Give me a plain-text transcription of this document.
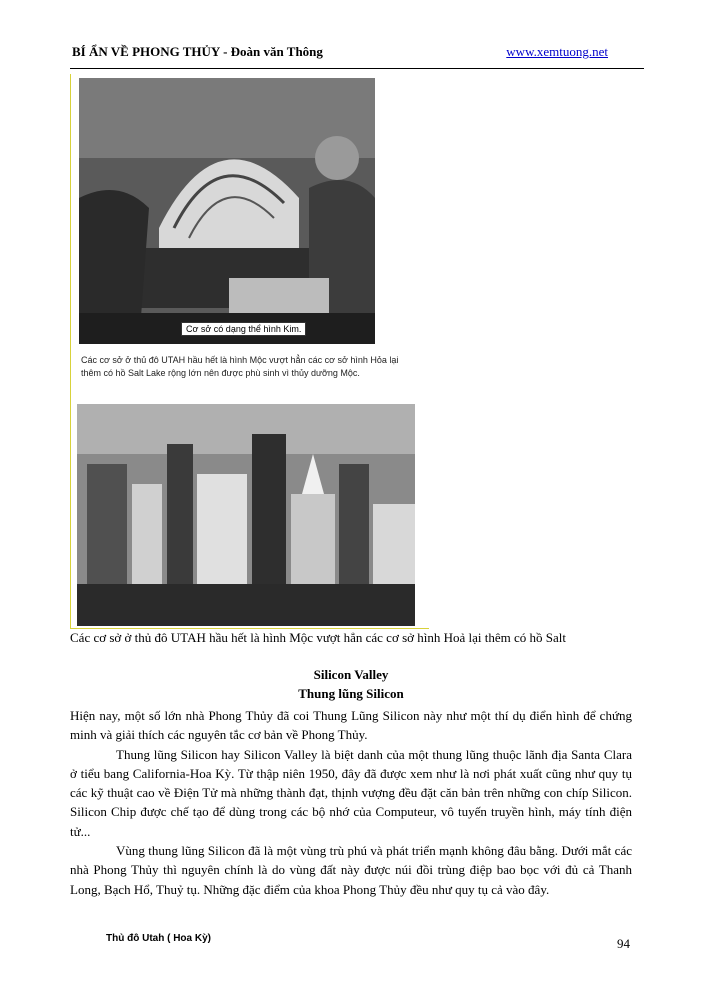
BÍ ẨN VỀ PHONG THỦY - Đoàn văn Thông	www.xemtuong.net
Cơ sở có dạng thể hình Kim.
Các cơ sở ở thủ đô UTAH hầu hết là hình Mộc vượt hẳn các cơ sở hình Hỏa lại thêm có hồ Salt Lake rộng lớn nên được phù sinh vì thủy dưỡng Mộc.
Thủ đô Utah ( Hoa Kỳ)
Các cơ sở ở thủ đô UTAH hầu hết là hình Mộc vượt hẳn các cơ sở hình Hoả lại thêm có hồ Salt
Silicon Valley
Thung lũng Silicon

Hiện nay, một số lớn nhà Phong Thủy đã coi Thung Lũng Silicon này như một thí dụ điển hình để chứng minh và giải thích các nguyên tắc cơ bản về Phong Thủy.

Thung lũng Silicon hay Silicon Valley là biệt danh của một thung lũng thuộc lãnh địa Santa Clara ở tiểu bang California-Hoa Kỳ. Từ thập niên 1950, đây đã được xem như là nơi phát xuất cũng như quy tụ các kỹ thuật cao về Điện Tử mà những thành đạt, thịnh vượng đều đặt căn bản trên những con chíp Silicon. Silicon Chip được chế tạo để dùng trong các bộ nhớ của Computeur, vô tuyến truyền hình, máy tính điện tử...

Vùng thung lũng Silicon đã là một vùng trù phú và phát triển mạnh không đâu bằng. Dưới mắt các nhà Phong Thủy thì nguyên chính là do vùng đất này được núi đồi trùng điệp bao bọc với đủ cả Thanh Long, Bạch Hổ, Thuỷ tụ. Những đặc điểm của khoa Phong Thủy đều như quy tụ cả vào đây.

94
